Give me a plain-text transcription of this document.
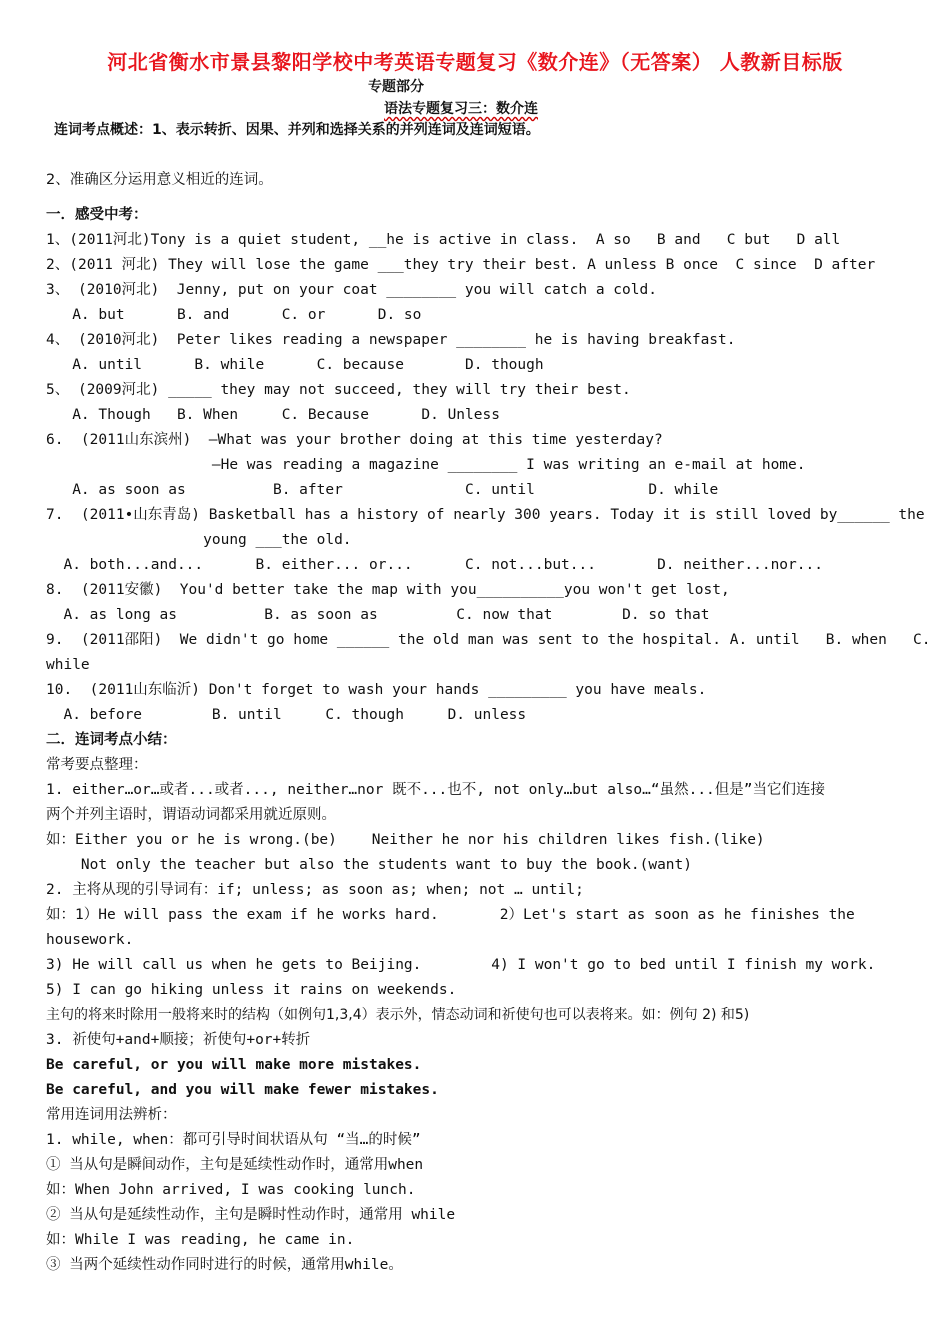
河北省衡水市景县黎阳学校中考英语专题复习《数介连》（无答案） 人教新目标版
专题部分
语法专题复习三：数介连
连词考点概述：1、表示转折、因果、并列和选择关系的并列连词及连词短语。
2、准确区分运用意义相近的连词。
一．感受中考：
1、(2011河北)Tony is a quiet student, __he is active in class.  A so   B and   C but   D all
2、(2011 河北) They will lose the game ___they try their best. A unless B once  C since  D after
3、 (2010河北)  Jenny, put on your coat ________ you will catch a cold.
A. but      B. and      C. or      D. so
4、 (2010河北)  Peter likes reading a newspaper ________ he is having breakfast.
A. until      B. while      C. because       D. though
5、 (2009河北) _____ they may not succeed, they will try their best.
A. Though   B. When     C. Because      D. Unless
6.  (2011山东滨州)  –What was your brother doing at this time yesterday?
–He was reading a magazine ________ I was writing an e-mail at home.
A. as soon as          B. after              C. until             D. while
7.  (2011•山东青岛) Basketball has a history of nearly 300 years. Today it is still loved by______ the
young ___the old.
A. both...and...      B. either... or...      C. not...but...       D. neither...nor...
8.  (2011安徽)  You'd better take the map with you__________you won't get lost,
A. as long as          B. as soon as         C. now that        D. so that
9.  (2011邵阳)  We didn't go home ______ the old man was sent to the hospital. A. until   B. when   C.
while
10.  (2011山东临沂) Don't forget to wash your hands _________ you have meals.
A. before        B. until     C. though     D. unless
二．连词考点小结：
常考要点整理：
1. either…or…或者...或者..., neither…nor 既不...也不, not only…but also…“虽然...但是”当它们连接
两个并列主语时，谓语动词都采用就近原则。
如：Either you or he is wrong.(be)    Neither he nor his children likes fish.(like)
Not only the teacher but also the students want to buy the book.(want)
2. 主将从现的引导词有：if; unless; as soon as; when; not … until;
如：1）He will pass the exam if he works hard.       2）Let's start as soon as he finishes the
housework.
3) He will call us when he gets to Beijing.        4) I won't go to bed until I finish my work.
5) I can go hiking unless it rains on weekends.
主句的将来时除用一般将来时的结构（如例句1,3,4）表示外，情态动词和祈使句也可以表将来。如：例句 2) 和5)
3. 祈使句+and+顺接；祈使句+or+转折
Be careful, or you will make more mistakes.
Be careful, and you will make fewer mistakes.
常用连词用法辨析：
1. while, when：都可引导时间状语从句 “当…的时候”
① 当从句是瞬间动作，主句是延续性动作时，通常用when
如：When John arrived, I was cooking lunch.
② 当从句是延续性动作，主句是瞬时性动作时，通常用 while
如：While I was reading, he came in.
③ 当两个延续性动作同时进行的时候，通常用while。
